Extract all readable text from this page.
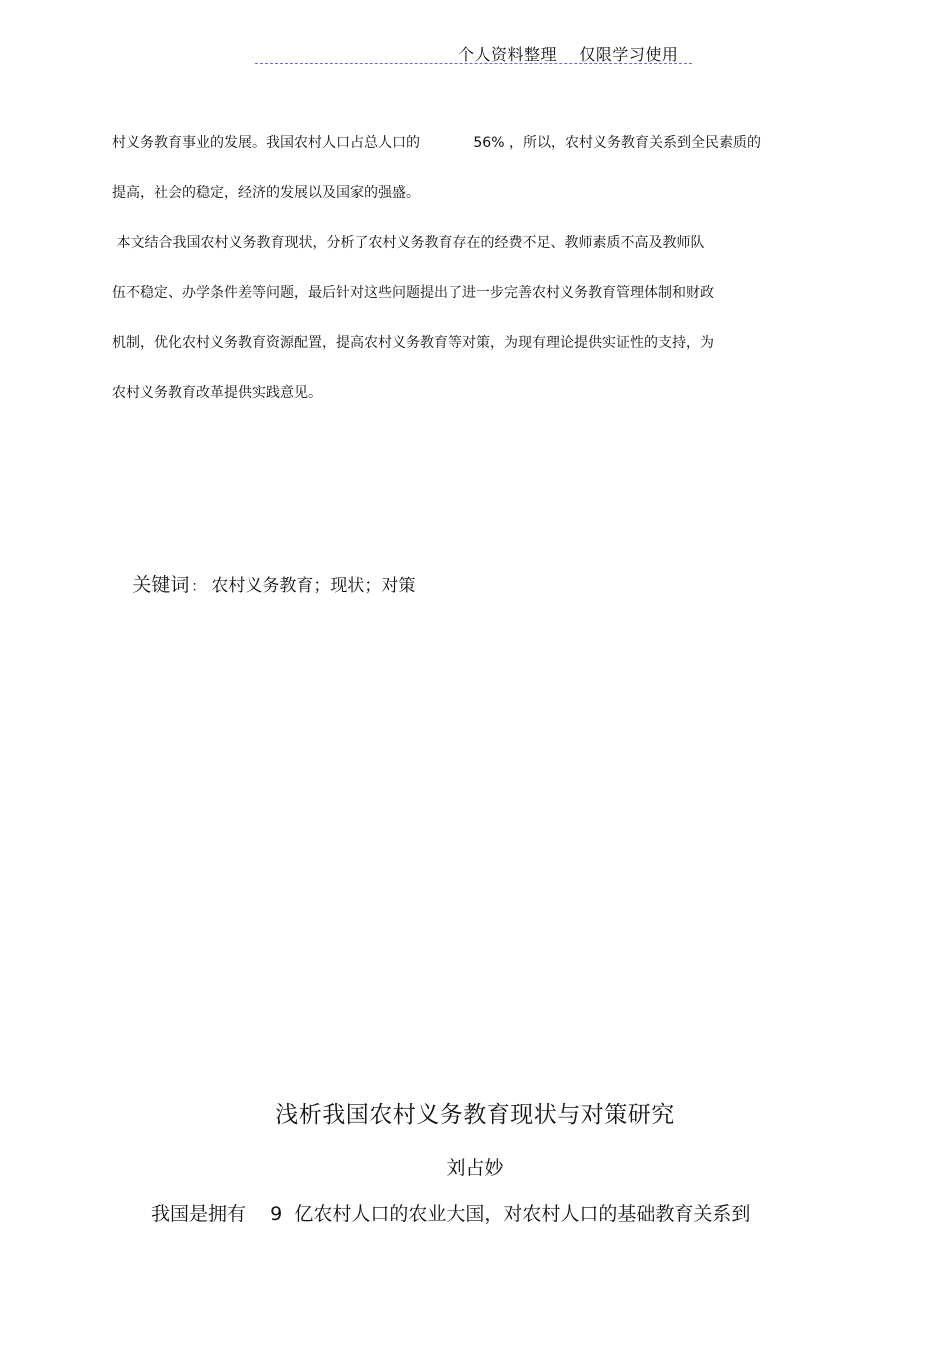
个人资料整理    仅限学习使用
村义务教育事业的发展。我国农村人口占总人口的            56% ，所以，农村义务教育关系到全民素质的
提高，社会的稳定，经济的发展以及国家的强盛。
本文结合我国农村义务教育现状，分析了农村义务教育存在的经费不足、教师素质不高及教师队
伍不稳定、办学条件差等问题，最后针对这些问题提出了进一步完善农村义务教育管理体制和财政
机制，优化农村义务教育资源配置，提高农村义务教育等对策，为现有理论提供实证性的支持，为
农村义务教育改革提供实践意见。

关键词 ： 农村义务教育；现状；对策

浅析我国农村义务教育现状与对策研究
刘占妙
我国是拥有    9  亿农村人口的农业大国，对农村人口的基础教育关系到
